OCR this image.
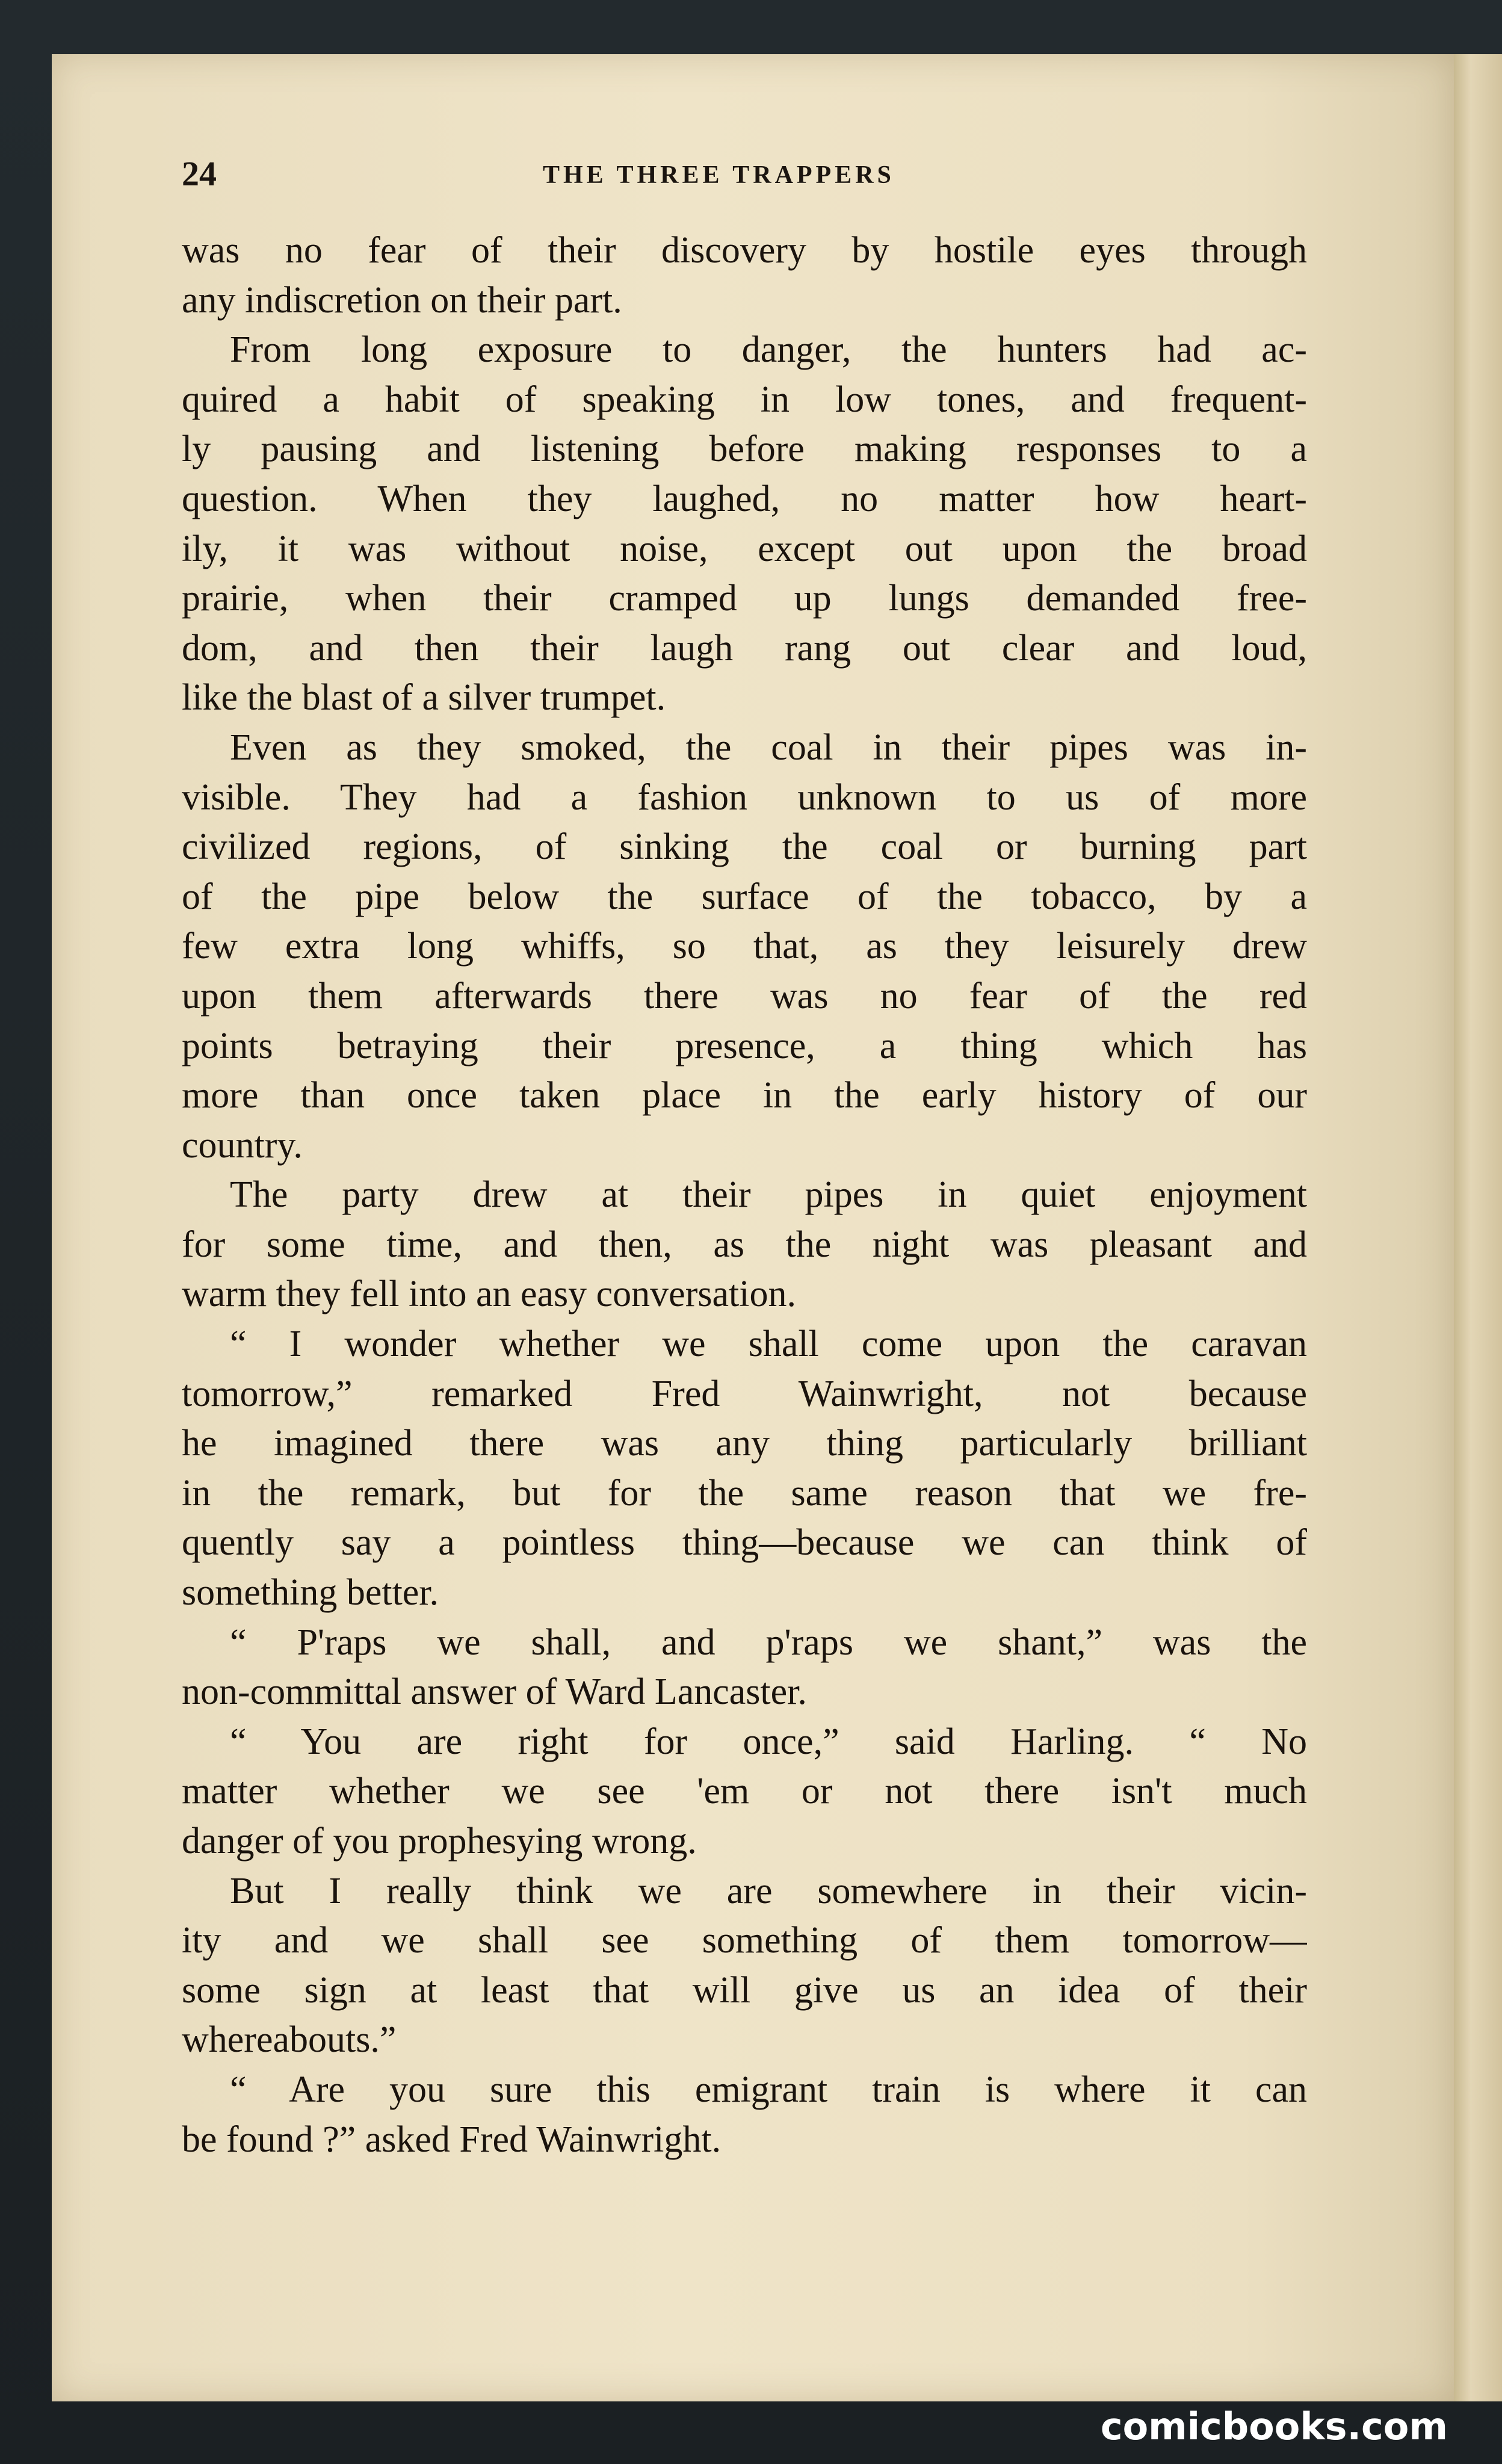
24	THE THREE TRAPPERS
was no fear of their discovery by hostile eyes through
any indiscretion on their part.
From long exposure to danger, the hunters had ac-
quired a habit of speaking in low tones, and frequent-
ly pausing and listening before making responses to a
question. When they laughed, no matter how heart-
ily, it was without noise, except out upon the broad
prairie, when their cramped up lungs demanded free-
dom, and then their laugh rang out clear and loud,
like the blast of a silver trumpet.
Even as they smoked, the coal in their pipes was in-
visible. They had a fashion unknown to us of more
civilized regions, of sinking the coal or burning part
of the pipe below the surface of the tobacco, by a
few extra long whiffs, so that, as they leisurely drew
upon them afterwards there was no fear of the red
points betraying their presence, a thing which has
more than once taken place in the early history of our
country.
The party drew at their pipes in quiet enjoyment
for some time, and then, as the night was pleasant and
warm they fell into an easy conversation.
“ I wonder whether we shall come upon the caravan
tomorrow,” remarked Fred Wainwright, not because
he imagined there was any thing particularly brilliant
in the remark, but for the same reason that we fre-
quently say a pointless thing—because we can think of
something better.
“ P'raps we shall, and p'raps we shant,” was the
non-committal answer of Ward Lancaster.
“ You are right for once,” said Harling. “ No
matter whether we see 'em or not there isn't much
danger of you prophesying wrong.
But I really think we are somewhere in their vicin-
ity and we shall see something of them tomorrow—
some sign at least that will give us an idea of their
whereabouts.”
“ Are you sure this emigrant train is where it can
be found ?” asked Fred Wainwright.
comicbooks.com
